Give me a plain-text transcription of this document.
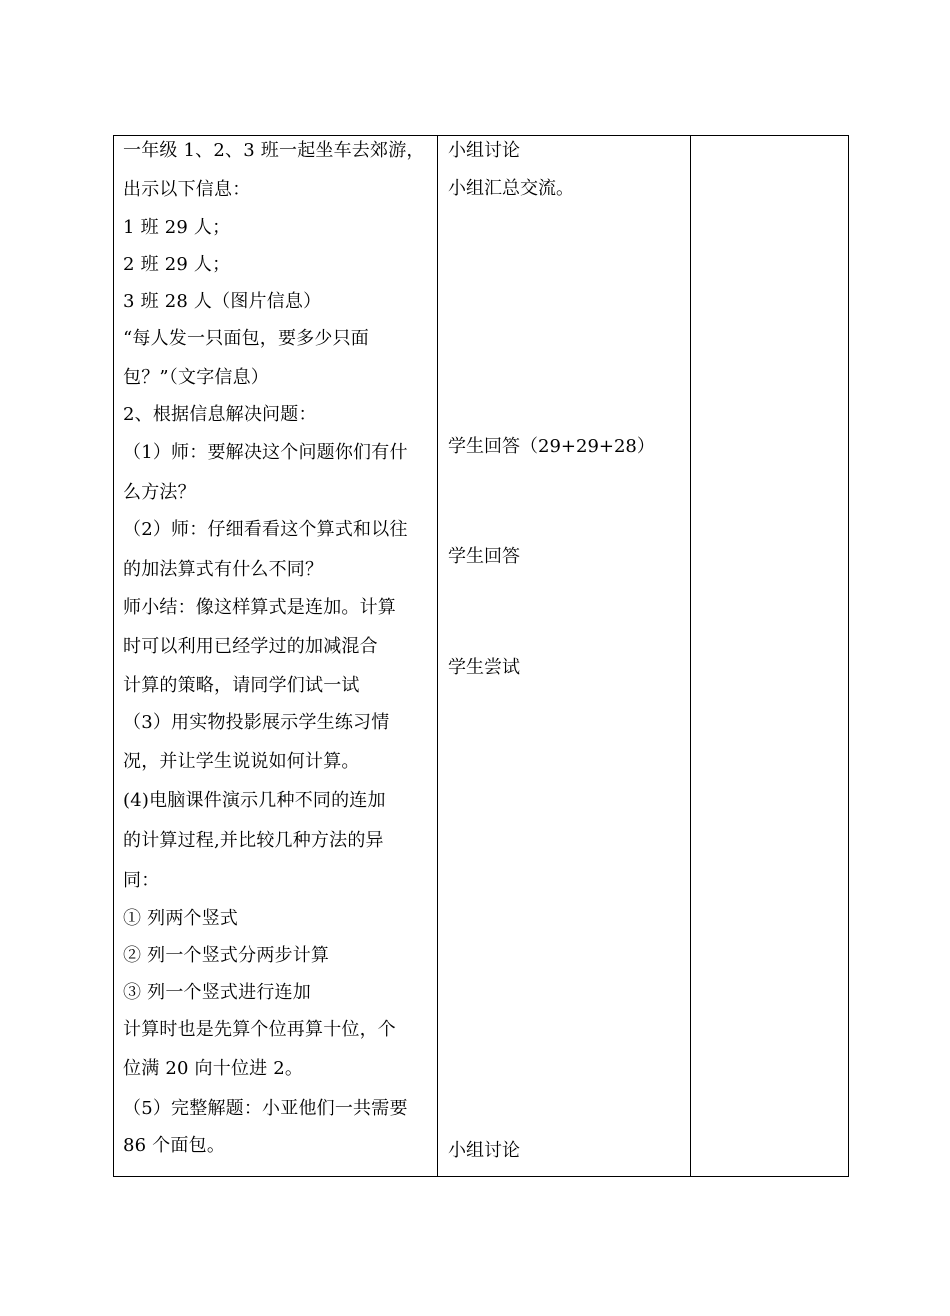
一年级 1、2、3 班一起坐车去郊游，
出示以下信息：
1 班 29 人；
2 班 29 人；
3 班 28 人（图片信息）
“每人发一只面包，要多少只面
包？”（文字信息）
2、根据信息解决问题：
（1）师：要解决这个问题你们有什
么方法？
（2）师：仔细看看这个算式和以往
的加法算式有什么不同？
师小结：像这样算式是连加。计算
时可以利用已经学过的加减混合
计算的策略，请同学们试一试
（3）用实物投影展示学生练习情
况，并让学生说说如何计算。
(4)电脑课件演示几种不同的连加
的计算过程,并比较几种方法的异
同：
① 列两个竖式
② 列一个竖式分两步计算
③ 列一个竖式进行连加
计算时也是先算个位再算十位，个
位满 20 向十位进 2。
（5）完整解题：小亚他们一共需要
86 个面包。
小组讨论
小组汇总交流。
学生回答（29+29+28）
学生回答
学生尝试
小组讨论
